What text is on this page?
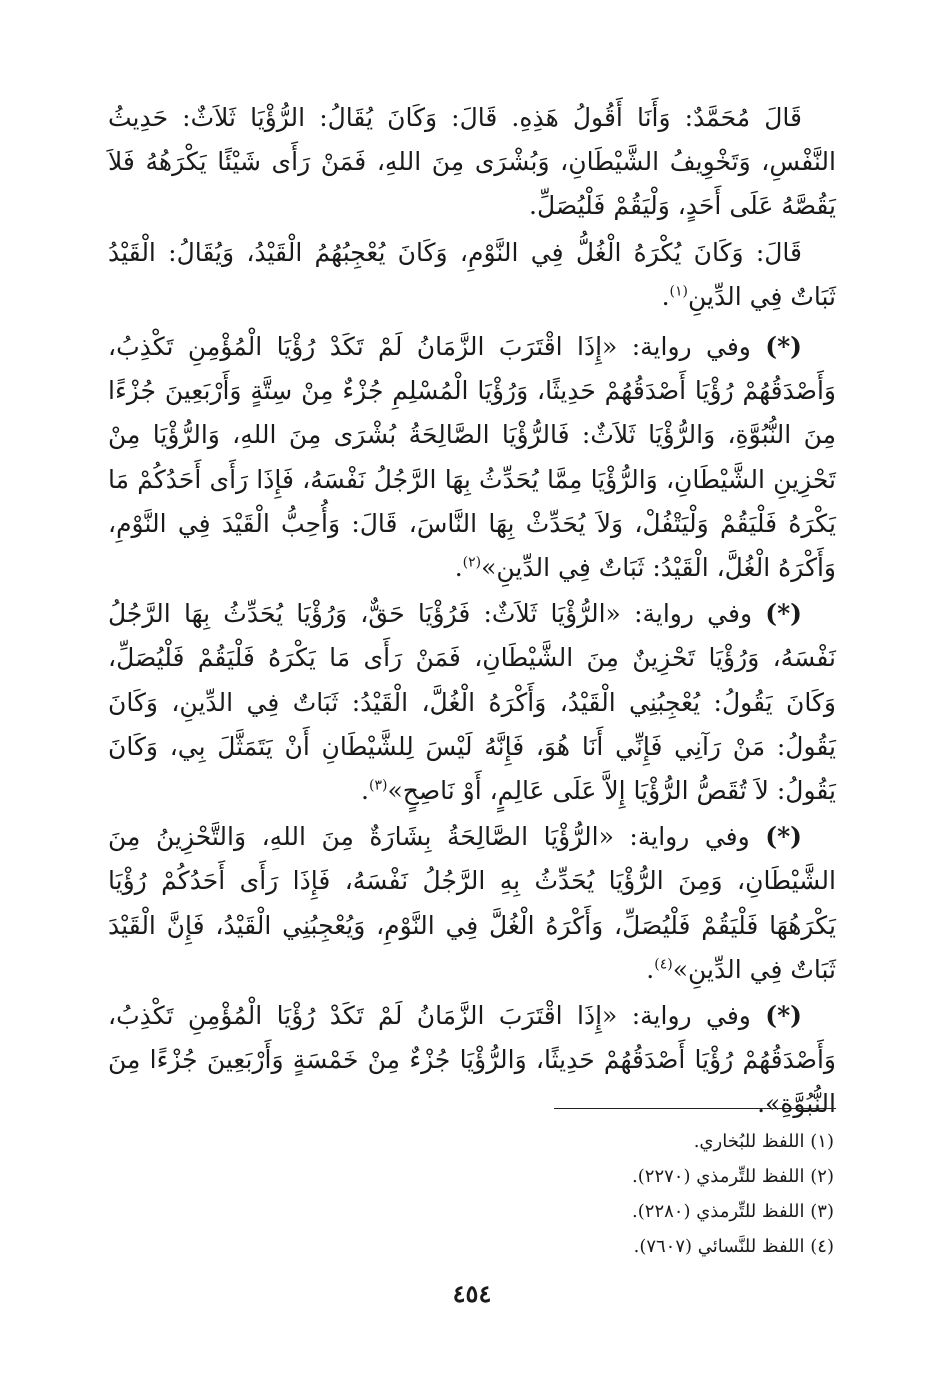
قَالَ مُحَمَّدٌ: وَأَنَا أَقُولُ هَذِهِ. قَالَ: وَكَانَ يُقَالُ: الرُّؤْيَا ثَلاَثٌ: حَدِيثُ النَّفْسِ، وَتَخْوِيفُ الشَّيْطَانِ، وَبُشْرَى مِنَ اللهِ، فَمَنْ رَأَى شَيْئًا يَكْرَهُهُ فَلاَ يَقُصَّهُ عَلَى أَحَدٍ، وَلْيَقُمْ فَلْيُصَلِّ.

قَالَ: وَكَانَ يُكْرَهُ الْغُلُّ فِي النَّوْمِ، وَكَانَ يُعْجِبُهُمُ الْقَيْدُ، وَيُقَالُ: الْقَيْدُ ثَبَاتٌ فِي الدِّينِ$^{(١)}$.

(*) وفي رواية: «إِذَا اقْتَرَبَ الزَّمَانُ لَمْ تَكَدْ رُؤْيَا الْمُؤْمِنِ تَكْذِبُ، وَأَصْدَقُهُمْ رُؤْيَا أَصْدَقُهُمْ حَدِيثًا، وَرُؤْيَا الْمُسْلِمِ جُزْءٌ مِنْ سِتَّةٍ وَأَرْبَعِينَ جُزْءًا مِنَ النُّبُوَّةِ، وَالرُّؤْيَا ثَلاَثٌ: فَالرُّؤْيَا الصَّالِحَةُ بُشْرَى مِنَ اللهِ، وَالرُّؤْيَا مِنْ تَحْزِينِ الشَّيْطَانِ، وَالرُّؤْيَا مِمَّا يُحَدِّثُ بِهَا الرَّجُلُ نَفْسَهُ، فَإِذَا رَأَى أَحَدُكُمْ مَا يَكْرَهُ فَلْيَقُمْ وَلْيَتْفُلْ، وَلاَ يُحَدِّثْ بِهَا النَّاسَ، قَالَ: وَأُحِبُّ الْقَيْدَ فِي النَّوْمِ، وَأَكْرَهُ الْغُلَّ، الْقَيْدُ: ثَبَاتٌ فِي الدِّينِ»$^{(٢)}$.

(*) وفي رواية: «الرُّؤْيَا ثَلاَثٌ: فَرُؤْيَا حَقٌّ، وَرُؤْيَا يُحَدِّثُ بِهَا الرَّجُلُ نَفْسَهُ، وَرُؤْيَا تَحْزِينٌ مِنَ الشَّيْطَانِ، فَمَنْ رَأَى مَا يَكْرَهُ فَلْيَقُمْ فَلْيُصَلِّ، وَكَانَ يَقُولُ: يُعْجِبُنِي الْقَيْدُ، وَأَكْرَهُ الْغُلَّ، الْقَيْدُ: ثَبَاتٌ فِي الدِّينِ، وَكَانَ يَقُولُ: مَنْ رَآنِي فَإِنِّي أَنَا هُوَ، فَإِنَّهُ لَيْسَ لِلشَّيْطَانِ أَنْ يَتَمَثَّلَ بِي، وَكَانَ يَقُولُ: لاَ تُقَصُّ الرُّؤْيَا إِلاَّ عَلَى عَالِمٍ، أَوْ نَاصِحٍ»$^{(٣)}$.

(*) وفي رواية: «الرُّؤْيَا الصَّالِحَةُ بِشَارَةٌ مِنَ اللهِ، وَالتَّحْزِينُ مِنَ الشَّيْطَانِ، وَمِنَ الرُّؤْيَا يُحَدِّثُ بِهِ الرَّجُلُ نَفْسَهُ، فَإِذَا رَأَى أَحَدُكُمْ رُؤْيَا يَكْرَهُهَا فَلْيَقُمْ فَلْيُصَلِّ، وَأَكْرَهُ الْغُلَّ فِي النَّوْمِ، وَيُعْجِبُنِي الْقَيْدُ، فَإِنَّ الْقَيْدَ ثَبَاتٌ فِي الدِّينِ»$^{(٤)}$.

(*) وفي رواية: «إِذَا اقْتَرَبَ الزَّمَانُ لَمْ تَكَدْ رُؤْيَا الْمُؤْمِنِ تَكْذِبُ، وَأَصْدَقُهُمْ رُؤْيَا أَصْدَقُهُمْ حَدِيثًا، وَالرُّؤْيَا جُزْءٌ مِنْ خَمْسَةٍ وَأَرْبَعِينَ جُزْءًا مِنَ النُّبُوَّةِ».

(١) اللفظ للبُخاري.
(٢) اللفظ للتِّرمذي (٢٢٧٠).
(٣) اللفظ للتِّرمذي (٢٢٨٠).
(٤) اللفظ للنَّسائي (٧٦٠٧).
٤٥٤
